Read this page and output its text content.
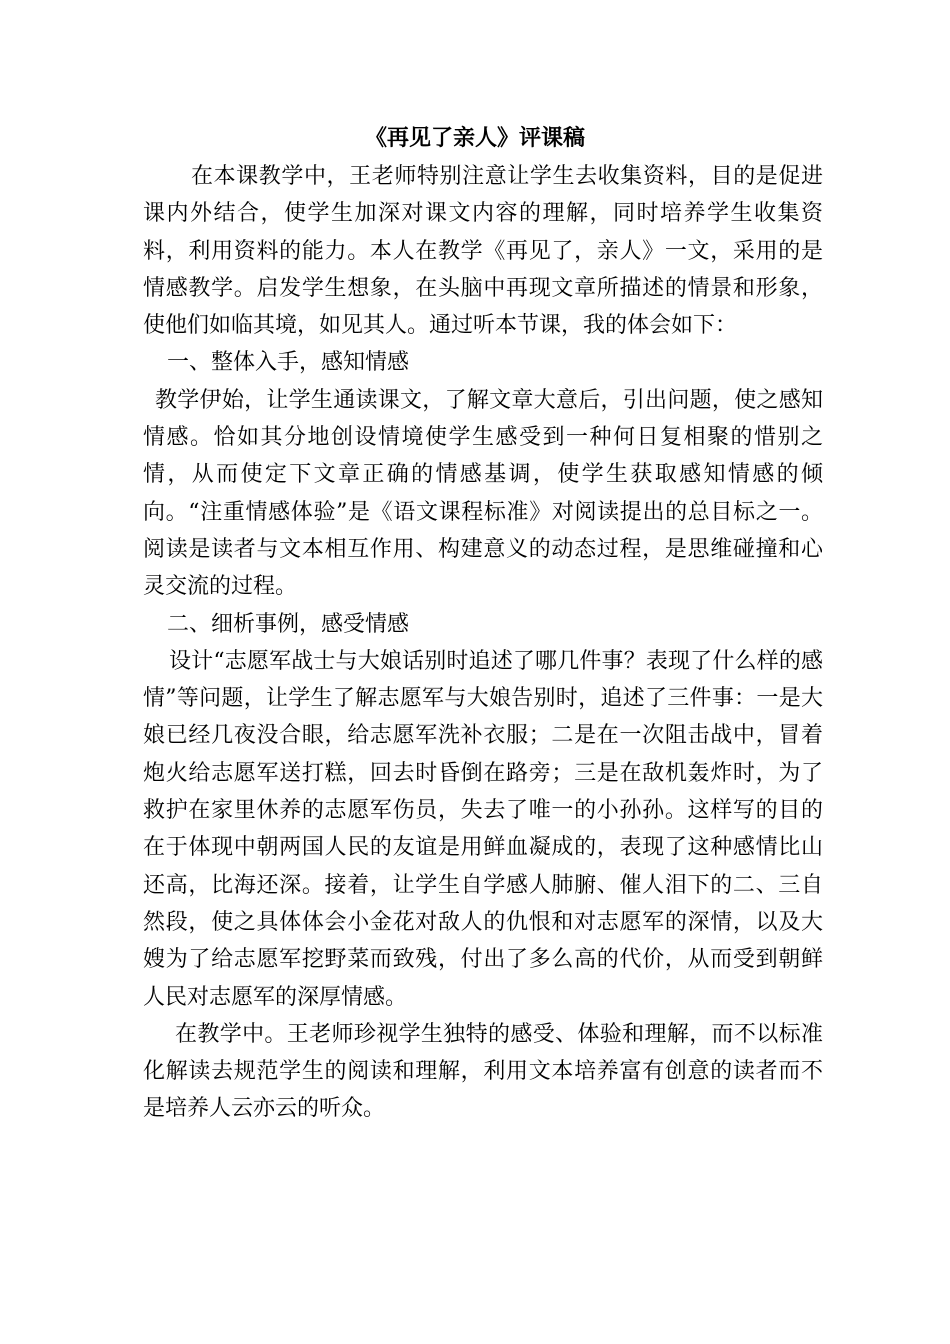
《再见了亲人》评课稿

在本课教学中，王老师特别注意让学生去收集资料，目的是促进课内外结合，使学生加深对课文内容的理解，同时培养学生收集资料，利用资料的能力。本人在教学《再见了，亲人》一文，采用的是情感教学。启发学生想象，在头脑中再现文章所描述的情景和形象，使他们如临其境，如见其人。通过听本节课，我的体会如下：

一、整体入手，感知情感

教学伊始，让学生通读课文，了解文章大意后，引出问题，使之感知情感。恰如其分地创设情境使学生感受到一种何日复相聚的惜别之情，从而使定下文章正确的情感基调，使学生获取感知情感的倾向。“注重情感体验”是《语文课程标准》对阅读提出的总目标之一。阅读是读者与文本相互作用、构建意义的动态过程，是思维碰撞和心灵交流的过程。

二、细析事例，感受情感

设计“志愿军战士与大娘话别时追述了哪几件事？表现了什么样的感情”等问题，让学生了解志愿军与大娘告别时，追述了三件事：一是大娘已经几夜没合眼，给志愿军洗补衣服；二是在一次阻击战中，冒着炮火给志愿军送打糕，回去时昏倒在路旁；三是在敌机轰炸时，为了救护在家里休养的志愿军伤员，失去了唯一的小孙孙。这样写的目的在于体现中朝两国人民的友谊是用鲜血凝成的，表现了这种感情比山还高，比海还深。接着，让学生自学感人肺腑、催人泪下的二、三自然段，使之具体体会小金花对敌人的仇恨和对志愿军的深情，以及大嫂为了给志愿军挖野菜而致残，付出了多么高的代价，从而受到朝鲜人民对志愿军的深厚情感。

在教学中。王老师珍视学生独特的感受、体验和理解，而不以标准化解读去规范学生的阅读和理解，利用文本培养富有创意的读者而不是培养人云亦云的听众。
